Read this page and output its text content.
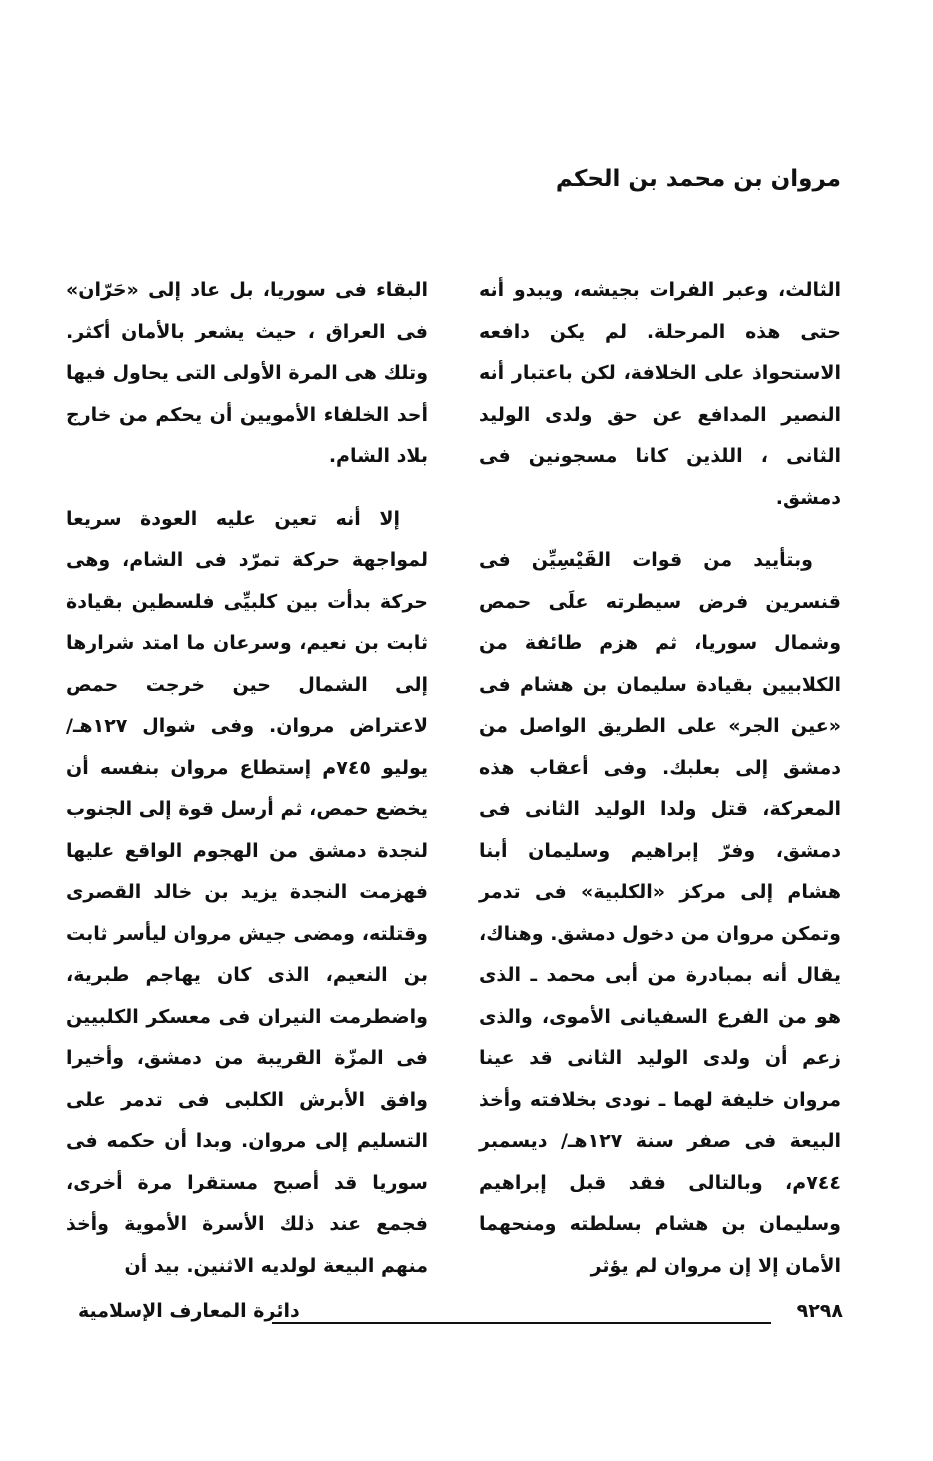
مروان بن محمد بن الحكم

الثالث، وعبر الفرات بجيشه، ويبدو أنه حتى هذه المرحلة. لم يكن دافعه الاستحواذ على الخلافة، لكن باعتبار أنه النصير المدافع عن حق ولدى الوليد الثانى ، اللذين كانا مسجونين فى دمشق.

وبتأييد من قوات القَيْسِيِّن فى قنسرين فرض سيطرته علَى حمص وشمال سوريا، ثم هزم طائفة من الكلابيين بقيادة سليمان بن هشام فى «عين الجر» على الطريق الواصل من دمشق إلى بعلبك. وفى أعقاب هذه المعركة، قتل ولدا الوليد الثانى فى دمشق، وفرّ إبراهيم وسليمان أبنا هشام إلى مركز «الكلبية» فى تدمر وتمكن مروان من دخول دمشق. وهناك، يقال أنه بمبادرة من أبى محمد ـ الذى هو من الفرع السفيانى الأموى، والذى زعم أن ولدى الوليد الثانى قد عينا مروان خليفة لهما ـ نودى بخلافته وأخذ البيعة فى صفر سنة ١٢٧هـ/ ديسمبر ٧٤٤م، وبالتالى فقد قبل إبراهيم وسليمان بن هشام بسلطته ومنحهما الأمان إلا إن مروان لم يؤثر

البقاء فى سوريا، بل عاد إلى «حَرّان» فى العراق ، حيث يشعر بالأمان أكثر. وتلك هى المرة الأولى التى يحاول فيها أحد الخلفاء الأمويين أن يحكم من خارج بلاد الشام.

إلا أنه تعين عليه العودة سريعا لمواجهة حركة تمرّد فى الشام، وهى حركة بدأت بين كلبيِّى فلسطين بقيادة ثابت بن نعيم، وسرعان ما امتد شرارها إلى الشمال حين خرجت حمص لاعتراض مروان. وفى شوال ١٢٧هـ/ يوليو ٧٤٥م إستطاع مروان بنفسه أن يخضع حمص، ثم أرسل قوة إلى الجنوب لنجدة دمشق من الهجوم الواقع عليها فهزمت النجدة يزيد بن خالد القصرى وقتلته، ومضى جيش مروان ليأسر ثابت بن النعيم، الذى كان يهاجم طبرية، واضطرمت النيران فى معسكر الكلبيين فى المزّة القريبة من دمشق، وأخيرا وافق الأبرش الكلبى فى تدمر على التسليم إلى مروان. وبدا أن حكمه فى سوريا قد أصبح مستقرا مرة أخرى، فجمع عند ذلك الأسرة الأموية وأخذ منهم البيعة لولديه الاثنين. بيد أن

٩٢٩٨
دائرة المعارف الإسلامية
